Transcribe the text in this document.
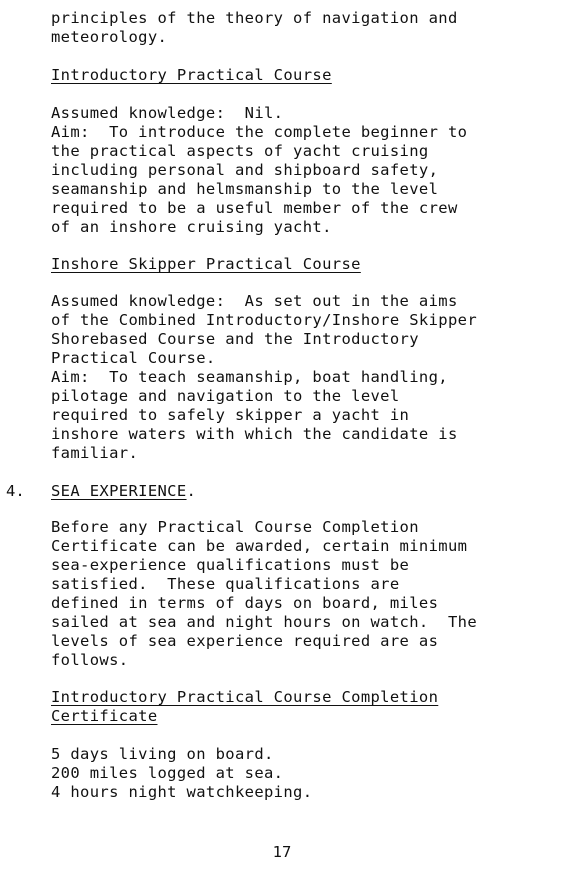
principles of the theory of navigation and
meteorology.
Introductory Practical Course
Assumed knowledge:  Nil.
Aim:  To introduce the complete beginner to
the practical aspects of yacht cruising
including personal and shipboard safety,
seamanship and helmsmanship to the level
required to be a useful member of the crew
of an inshore cruising yacht.
Inshore Skipper Practical Course
Assumed knowledge:  As set out in the aims
of the Combined Introductory/Inshore Skipper
Shorebased Course and the Introductory
Practical Course.
Aim:  To teach seamanship, boat handling,
pilotage and navigation to the level
required to safely skipper a yacht in
inshore waters with which the candidate is
familiar.
4. SEA EXPERIENCE.
Before any Practical Course Completion
Certificate can be awarded, certain minimum
sea-experience qualifications must be
satisfied.  These qualifications are
defined in terms of days on board, miles
sailed at sea and night hours on watch.  The
levels of sea experience required are as
follows.
Introductory Practical Course Completion
Certificate
5 days living on board.
200 miles logged at sea.
4 hours night watchkeeping.
17
